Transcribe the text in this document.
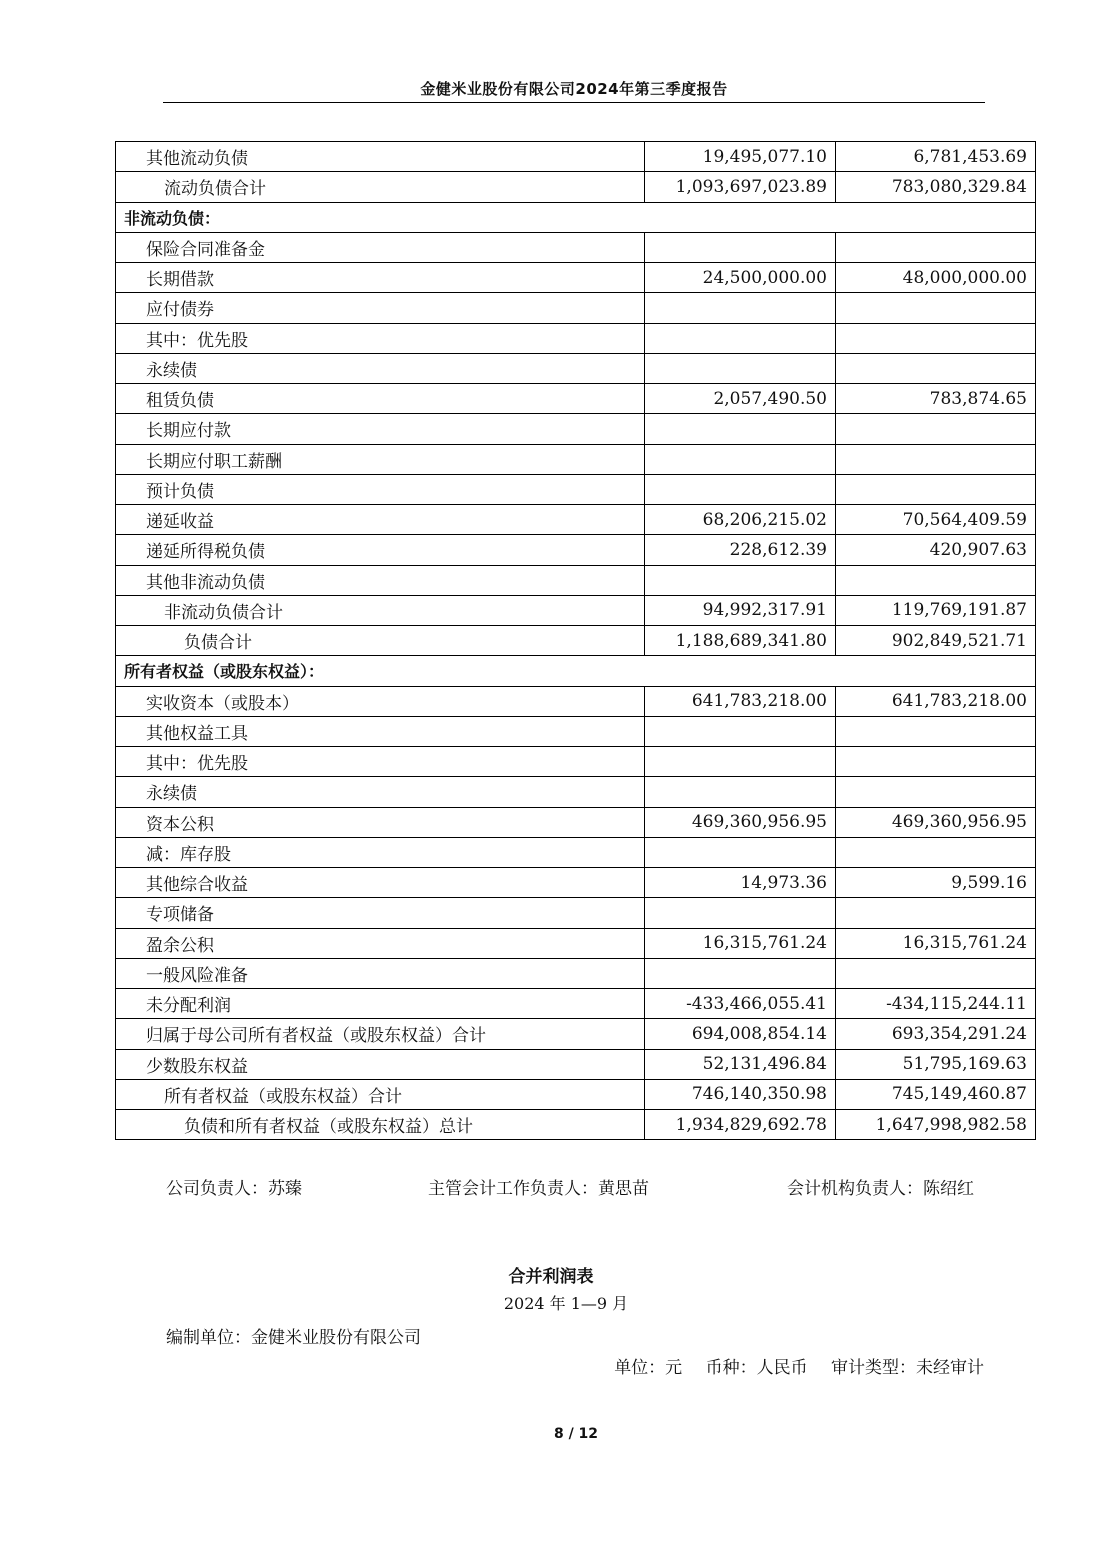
金健米业股份有限公司2024年第三季度报告
其他流动负债	19,495,077.10	6,781,453.69
流动负债合计	1,093,697,023.89	783,080,329.84
非流动负债：		
保险合同准备金		
长期借款	24,500,000.00	48,000,000.00
应付债券		
其中：优先股		
永续债		
租赁负债	2,057,490.50	783,874.65
长期应付款		
长期应付职工薪酬		
预计负债		
递延收益	68,206,215.02	70,564,409.59
递延所得税负债	228,612.39	420,907.63
其他非流动负债		
非流动负债合计	94,992,317.91	119,769,191.87
负债合计	1,188,689,341.80	902,849,521.71
所有者权益（或股东权益）：		
实收资本（或股本）	641,783,218.00	641,783,218.00
其他权益工具		
其中：优先股		
永续债		
资本公积	469,360,956.95	469,360,956.95
减：库存股		
其他综合收益	14,973.36	9,599.16
专项储备		
盈余公积	16,315,761.24	16,315,761.24
一般风险准备		
未分配利润	-433,466,055.41	-434,115,244.11
归属于母公司所有者权益（或股东权益）合计	694,008,854.14	693,354,291.24
少数股东权益	52,131,496.84	51,795,169.63
所有者权益（或股东权益）合计	746,140,350.98	745,149,460.87
负债和所有者权益（或股东权益）总计	1,934,829,692.78	1,647,998,982.58
公司负责人：苏臻	主管会计工作负责人：黄思苗	会计机构负责人：陈绍红
合并利润表
2024 年 1—9 月
编制单位：金健米业股份有限公司
单位：元 币种：人民币 审计类型：未经审计
8 / 12
